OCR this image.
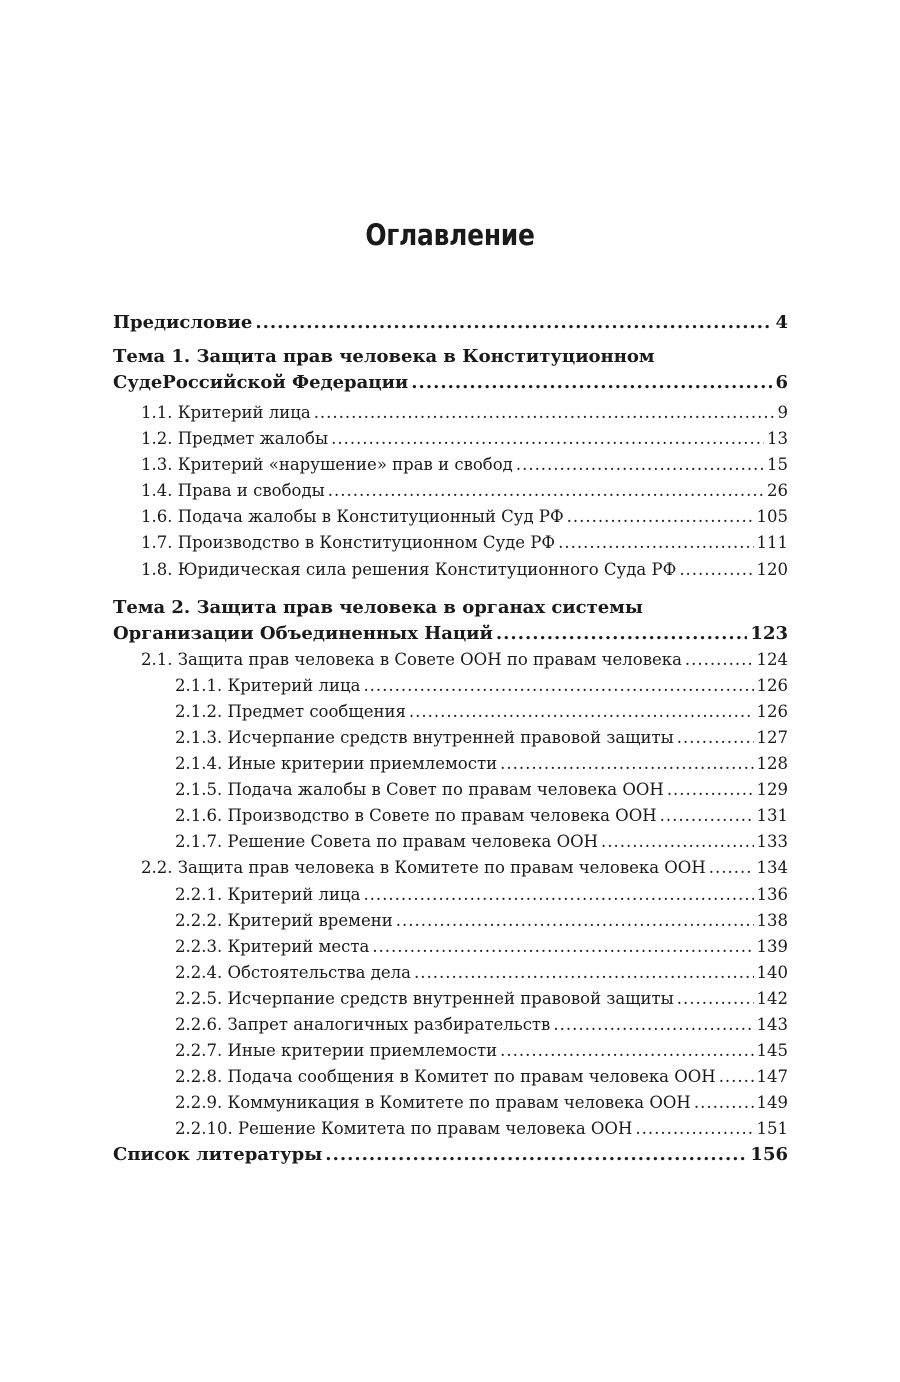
Оглавление
Предисловие .....	4
Тема 1. Защита прав человека в Конституционном
СудеРоссийской Федерации .....	6
1.1. Критерий лица .....	9
1.2. Предмет жалобы .....	13
1.3. Критерий «нарушение» прав и свобод .....	15
1.4. Права и свободы .....	26
1.6. Подача жалобы в Конституционный Суд РФ .....	105
1.7. Производство в Конституционном Суде РФ .....	111
1.8. Юридическая сила решения Конституционного Суда РФ .....	120
Тема 2. Защита прав человека в органах системы
Организации Объединенных Наций .....	123
2.1. Защита прав человека в Совете ООН по правам человека .....	124
2.1.1. Критерий лица .....	126
2.1.2. Предмет сообщения .....	126
2.1.3. Исчерпание средств внутренней правовой защиты .....	127
2.1.4. Иные критерии приемлемости .....	128
2.1.5. Подача жалобы в Совет по правам человека ООН .....	129
2.1.6. Производство в Совете по правам человека ООН .....	131
2.1.7. Решение Совета по правам человека ООН .....	133
2.2. Защита прав человека в Комитете по правам человека ООН .....	134
2.2.1. Критерий лица .....	136
2.2.2. Критерий времени .....	138
2.2.3. Критерий места .....	139
2.2.4. Обстоятельства дела .....	140
2.2.5. Исчерпание средств внутренней правовой защиты .....	142
2.2.6. Запрет аналогичных разбирательств .....	143
2.2.7. Иные критерии приемлемости .....	145
2.2.8. Подача сообщения в Комитет по правам человека ООН ..... 147
2.2.9. Коммуникация в Комитете по правам человека ООН .....	149
2.2.10. Решение Комитета по правам человека ООН .....	151
Список литературы .....	156
